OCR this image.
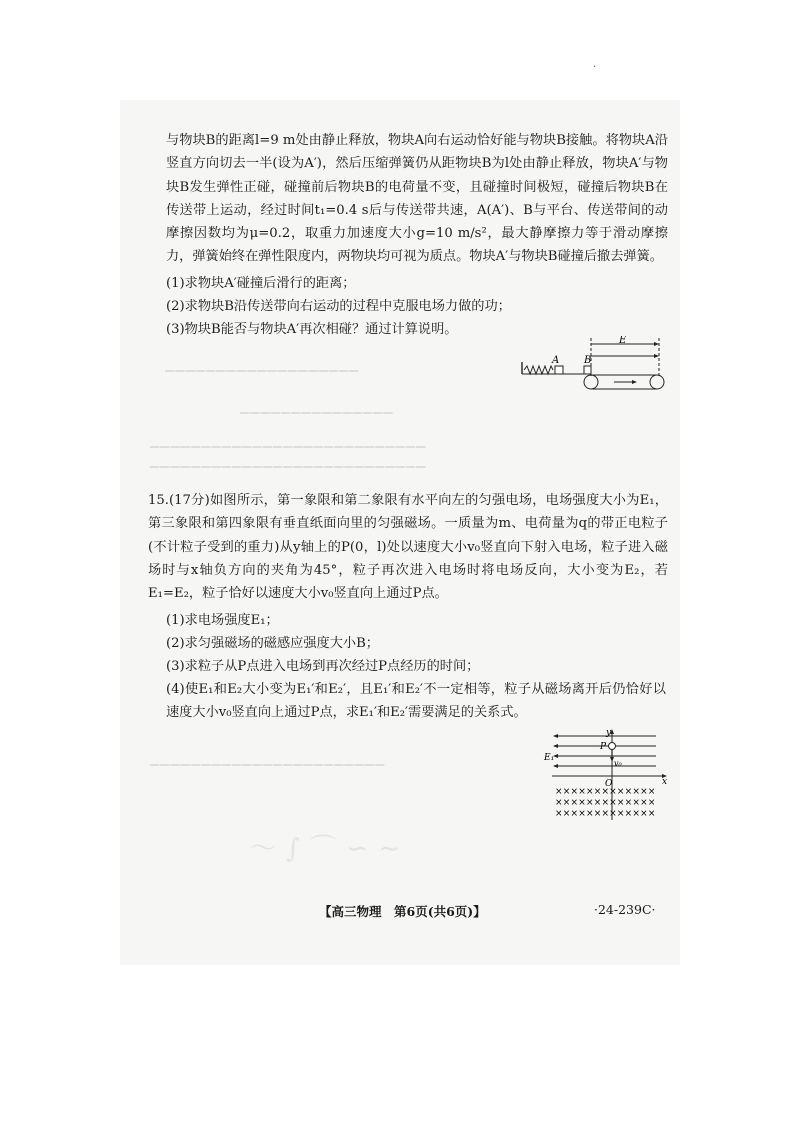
·

与物块B的距离l=9 m处由静止释放，物块A向右运动恰好能与物块B接触。将物块A沿竖直方向切去一半(设为A′)，然后压缩弹簧仍从距物块B为l处由静止释放，物块A′与物块B发生弹性正碰，碰撞前后物块B的电荷量不变，且碰撞时间极短，碰撞后物块B在传送带上运动，经过时间t₁=0.4 s后与传送带共速，A(A′)、B与平台、传送带间的动摩擦因数均为μ=0.2，取重力加速度大小g=10 m/s²，最大静摩擦力等于滑动摩擦力，弹簧始终在弹性限度内，两物块均可视为质点。物块A′与物块B碰撞后撤去弹簧。

(1)求物块A′碰撞后滑行的距离；

(2)求物块B沿传送带向右运动的过程中克服电场力做的功；

(3)物块B能否与物块A′再次相碰？通过计算说明。

A B
E
▁▁▁▁▁▁▁▁▁▁▁▁▁▁▁▁▁▁▁
▁▁▁▁▁▁▁▁▁▁▁▁▁▁▁
▁▁▁▁▁▁▁▁▁▁▁▁▁▁▁▁▁▁▁▁▁▁▁▁▁▁▁
▁▁▁▁▁▁▁▁▁▁▁▁▁▁▁▁▁▁▁▁▁▁▁▁▁▁▁

15.(17分)如图所示，第一象限和第二象限有水平向左的匀强电场，电场强度大小为E₁，第三象限和第四象限有垂直纸面向里的匀强磁场。一质量为m、电荷量为q的带正电粒子(不计粒子受到的重力)从y轴上的P(0，l)处以速度大小v₀竖直向下射入电场，粒子进入磁场时与x轴负方向的夹角为45°，粒子再次进入电场时将电场反向，大小变为E₂，若E₁=E₂，粒子恰好以速度大小v₀竖直向上通过P点。

(1)求电场强度E₁；

(2)求匀强磁场的磁感应强度大小B；

(3)求粒子从P点进入电场到再次经过P点经历的时间；

(4)使E₁和E₂大小变为E₁′和E₂′，且E₁′和E₂′不一定相等，粒子从磁场离开后仍恰好以速度大小v₀竖直向上通过P点，求E₁′和E₂′需要满足的关系式。

y
x
P
v₀
E₁
O
×××××××××××××
×××××××××××××
×××××××××××××
▁▁▁▁▁▁▁▁▁▁▁▁▁▁▁▁▁▁▁▁▁▁▁
〜 ∫ ⌒ ∽ ∼
【高三物理　第6页(共6页)】	·24-239C·
